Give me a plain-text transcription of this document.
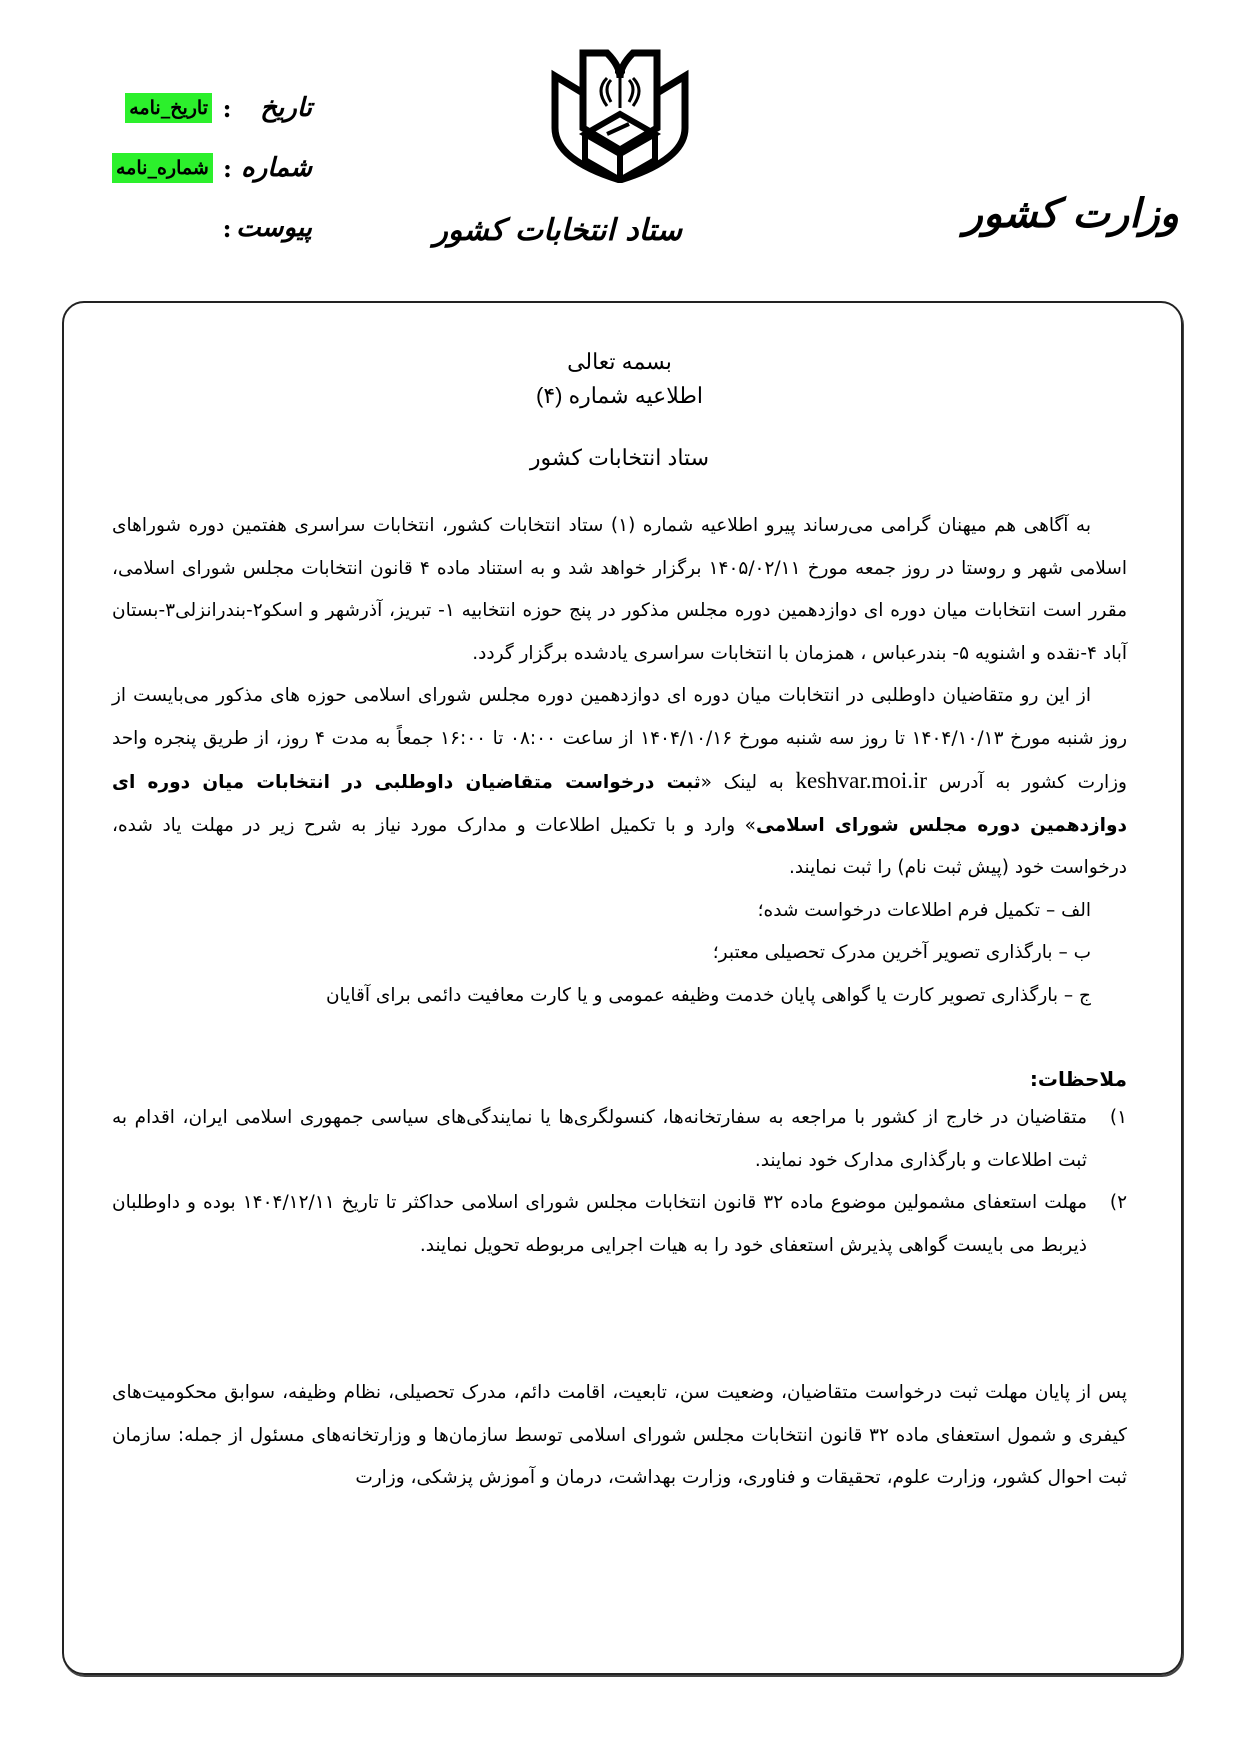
تاریخ
:
تاریخ_نامه
شماره
:
شماره_نامه
پیوست
:	ستاد انتخابات کشور	وزارت کشور
بسمه تعالی
اطلاعیه شماره (۴)
ستاد انتخابات کشور

به آگاهی هم میهنان گرامی می‌رساند پیرو اطلاعیه شماره (۱) ستاد انتخابات کشور، انتخابات سراسری هفتمین دوره شوراهای اسلامی شهر و روستا در روز جمعه مورخ ۱۴۰۵/۰۲/۱۱ برگزار خواهد شد و به استناد ماده ۴ قانون انتخابات مجلس شورای اسلامی، مقرر است انتخابات میان دوره ای دوازدهمین دوره مجلس مذکور در پنج حوزه انتخابیه ۱- تبریز، آذرشهر و اسکو۲-بندرانزلی۳-بستان آباد ۴-نقده و اشنویه ۵- بندرعباس ، همزمان با انتخابات سراسری یادشده برگزار گردد.

از این رو متقاضیان داوطلبی در انتخابات میان دوره ای دوازدهمین دوره مجلس شورای اسلامی حوزه های مذکور می‌بایست از روز شنبه مورخ ۱۴۰۴/۱۰/۱۳ تا روز سه شنبه مورخ ۱۴۰۴/۱۰/۱۶ از ساعت ۰۸:۰۰ تا ۱۶:۰۰ جمعاً به مدت ۴ روز، از طریق پنجره واحد وزارت کشور به آدرس keshvar.moi.ir به لینک «ثبت درخواست متقاضیان داوطلبی در انتخابات میان دوره ای دوازدهمین دوره مجلس شورای اسلامی» وارد و با تکمیل اطلاعات و مدارک مورد نیاز به شرح زیر در مهلت یاد شده، درخواست خود (پیش ثبت نام) را ثبت نمایند.

الف – تکمیل فرم اطلاعات درخواست شده؛
ب – بارگذاری تصویر آخرین مدرک تحصیلی معتبر؛
ج – بارگذاری تصویر کارت یا گواهی پایان خدمت وظیفه عمومی و یا کارت معافیت دائمی برای آقایان
ملاحظات:
۱)
متقاضیان در خارج از کشور با مراجعه به سفارتخانه‌ها، کنسولگری‌ها یا نمایندگی‌های سیاسی جمهوری اسلامی ایران، اقدام به ثبت اطلاعات و بارگذاری مدارک خود نمایند.
۲)
مهلت استعفای مشمولین موضوع ماده ۳۲ قانون انتخابات مجلس شورای اسلامی حداکثر تا تاریخ ۱۴۰۴/۱۲/۱۱ بوده و داوطلبان ذیربط می بایست گواهی پذیرش استعفای خود را به هیات اجرایی مربوطه تحویل نمایند.

پس از پایان مهلت ثبت درخواست متقاضیان، وضعیت سن، تابعیت، اقامت دائم، مدرک تحصیلی، نظام وظیفه، سوابق محکومیت‌های کیفری و شمول استعفای ماده ۳۲ قانون انتخابات مجلس شورای اسلامی توسط سازمان‌ها و وزارتخانه‌های مسئول از جمله: سازمان ثبت احوال کشور، وزارت علوم، تحقیقات و فناوری، وزارت بهداشت، درمان و آموزش پزشکی، وزارت
